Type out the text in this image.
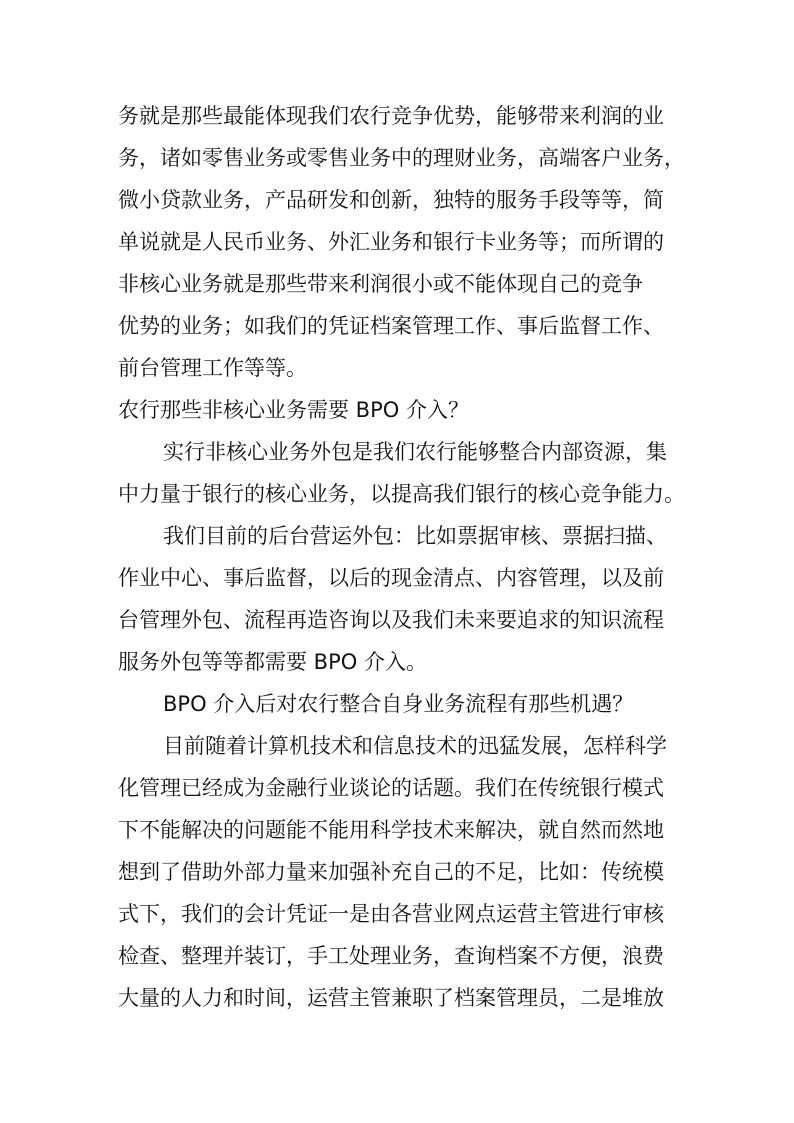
务就是那些最能体现我们农行竞争优势，能够带来利润的业
务，诸如零售业务或零售业务中的理财业务，高端客户业务，
微小贷款业务，产品研发和创新，独特的服务手段等等，简
单说就是人民币业务、外汇业务和银行卡业务等；而所谓的
非核心业务就是那些带来利润很小或不能体现自己的竞争
优势的业务；如我们的凭证档案管理工作、事后监督工作、
前台管理工作等等。
农行那些非核心业务需要 BPO 介入？
实行非核心业务外包是我们农行能够整合内部资源，集
中力量于银行的核心业务，以提高我们银行的核心竞争能力。
我们目前的后台营运外包：比如票据审核、票据扫描、
作业中心、事后监督，以后的现金清点、内容管理，以及前
台管理外包、流程再造咨询以及我们未来要追求的知识流程
服务外包等等都需要 BPO 介入。
BPO 介入后对农行整合自身业务流程有那些机遇？
目前随着计算机技术和信息技术的迅猛发展，怎样科学
化管理已经成为金融行业谈论的话题。我们在传统银行模式
下不能解决的问题能不能用科学技术来解决，就自然而然地
想到了借助外部力量来加强补充自己的不足，比如：传统模
式下，我们的会计凭证一是由各营业网点运营主管进行审核
检查、整理并装订，手工处理业务，查询档案不方便，浪费
大量的人力和时间，运营主管兼职了档案管理员，二是堆放
